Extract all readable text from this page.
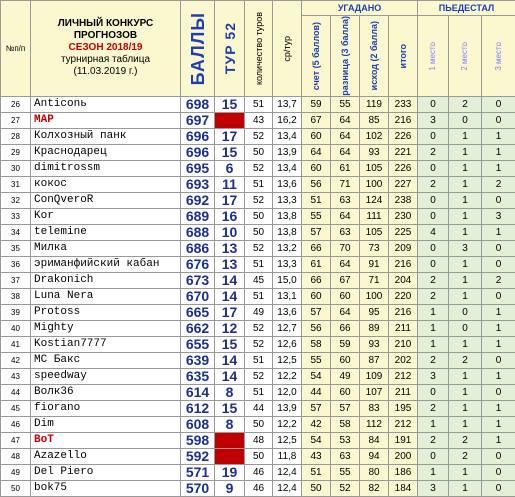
№п/п	ЛИЧНЫЙ КОНКУРС
ПРОГНОЗОВ
СЕЗОН 2018/19
турнирная таблица
(11.03.2019 г.)	БАЛЛЫ	ТУР 52	количество туров	ср/тур	УГАДАНО				ПЬЕДЕСТАЛ		

						счет (5 баллов)	разница (3 балла)	исход (2 балла)	итого	1 место	2 место	3 место

26	Anticonь	698	15	51	13,7	59	55	119	233	0	2	0
27	MAP	697		43	16,2	67	64	85	216	3	0	0
28	Колхозный панк	696	17	52	13,4	60	64	102	226	0	1	1
29	Краснодарец	696	15	50	13,9	64	64	93	221	2	1	1
30	dimitrossm	695	6	52	13,4	60	61	105	226	0	1	1
31	кокос	693	11	51	13,6	56	71	100	227	2	1	2
32	ConQveroR	692	17	52	13,3	51	63	124	238	0	1	0
33	Kor	689	16	50	13,8	55	64	111	230	0	1	3
34	telemine	688	10	50	13,8	57	63	105	225	4	1	1
35	Милка	686	13	52	13,2	66	70	73	209	0	3	0
36	эриманфийский кабан	676	13	51	13,3	61	64	91	216	0	1	0
37	Drakonich	673	14	45	15,0	66	67	71	204	2	1	2
38	Luna Nera	670	14	51	13,1	60	60	100	220	2	1	0
39	Protoss	665	17	49	13,6	57	64	95	216	1	0	1
40	Mighty	662	12	52	12,7	56	66	89	211	1	0	1
41	Kostian7777	655	15	52	12,6	58	59	93	210	1	1	1
42	MC Бакс	639	14	51	12,5	55	60	87	202	2	2	0
43	speedway	635	14	52	12,2	54	49	109	212	3	1	1
44	Волк36	614	8	51	12,0	44	60	107	211	0	1	0
45	fiorano	612	15	44	13,9	57	57	83	195	2	1	1
46	Dim	608	8	50	12,2	42	58	112	212	1	1	1
47	BoT	598		48	12,5	54	53	84	191	2	2	1
48	Azazello	592		50	11,8	43	63	94	200	0	2	0
49	Del Piero	571	19	46	12,4	51	55	80	186	1	1	0
50	bok75	570	9	46	12,4	50	52	82	184	3	1	0
